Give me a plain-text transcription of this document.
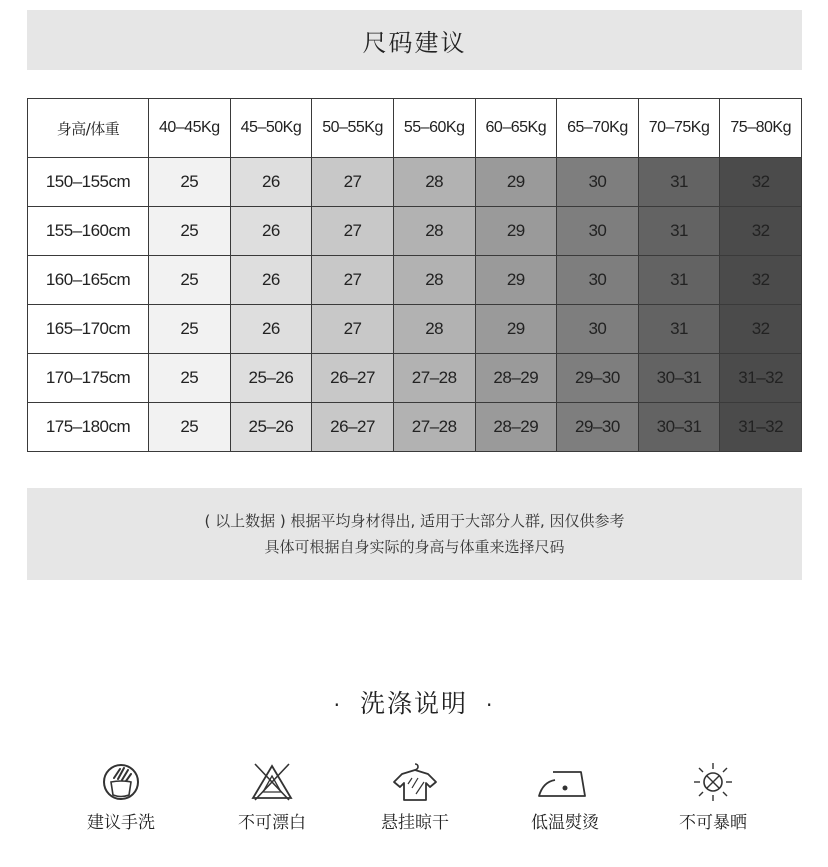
尺码建议
身高/体重	40–45Kg	45–50Kg	50–55Kg	55–60Kg	60–65Kg	65–70Kg	70–75Kg	75–80Kg
150–155cm	25	26	27	28	29	30	31	32
155–160cm	25	26	27	28	29	30	31	32
160–165cm	25	26	27	28	29	30	31	32
165–170cm	25	26	27	28	29	30	31	32
170–175cm	25	25–26	26–27	27–28	28–29	29–30	30–31	31–32
175–180cm	25	25–26	26–27	27–28	28–29	29–30	30–31	31–32
( 以上数据 ) 根据平均身材得出, 适用于大部分人群, 因仅供参考
具体可根据自身实际的身高与体重来选择尺码
· 洗涤说明 ·
建议手洗	不可漂白	悬挂晾干	低温熨烫	不可暴晒
